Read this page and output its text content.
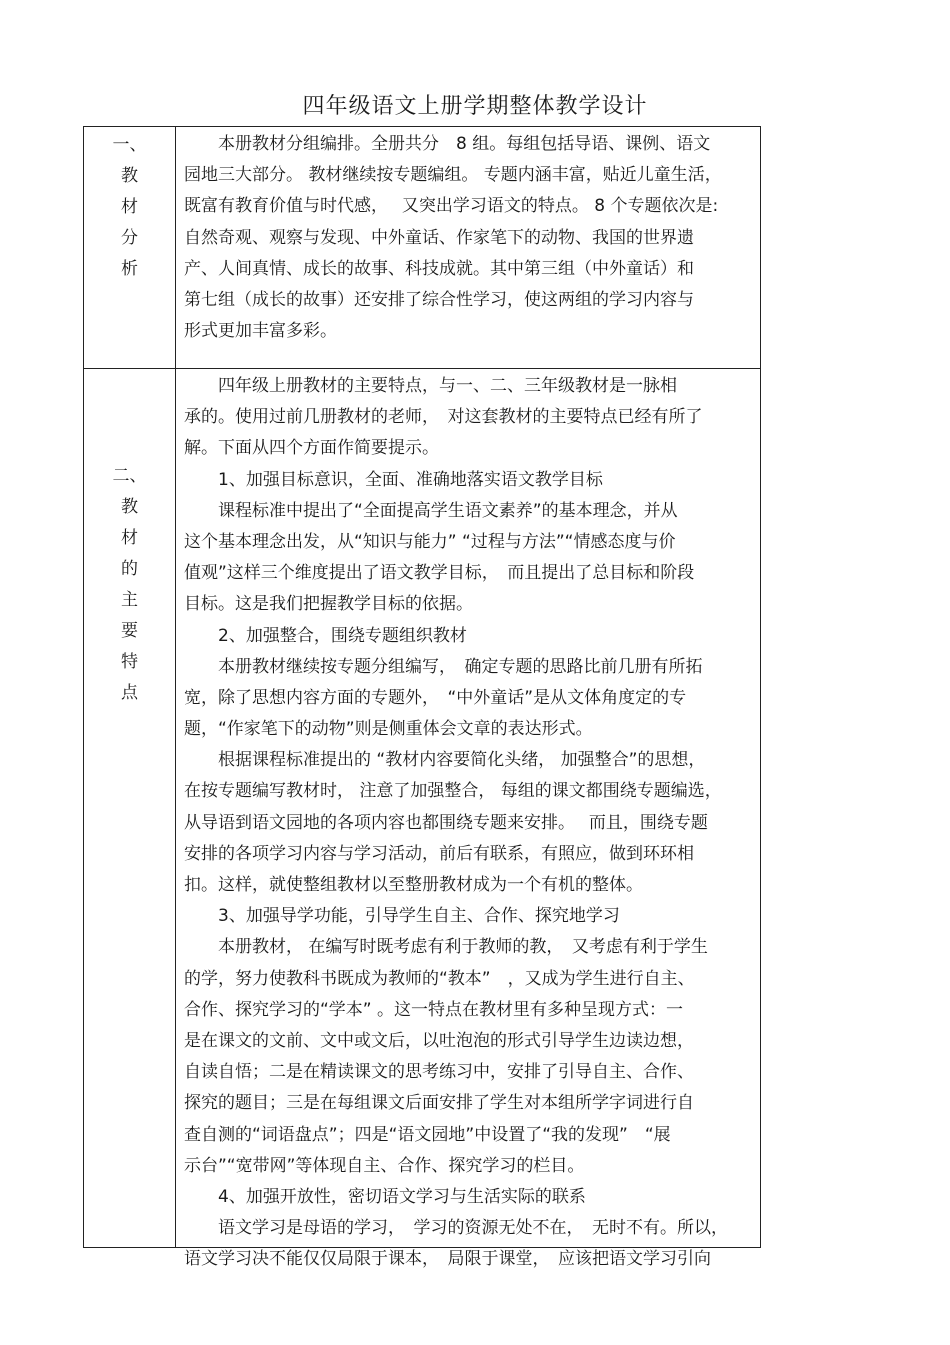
四年级语文上册学期整体教学设计
一、
教
材
分
析
　　本册教材分组编排。全册共分　8 组。每组包括导语、课例、语文
园地三大部分。 教材继续按专题编组。 专题内涵丰富，贴近儿童生活，
既富有教育价值与时代感，　 又突出学习语文的特点。 8 个专题依次是:
自然奇观、观察与发现、中外童话、作家笔下的动物、我国的世界遗
产、人间真情、成长的故事、科技成就。其中第三组（中外童话）和
第七组（成长的故事）还安排了综合性学习，使这两组的学习内容与
形式更加丰富多彩。
二、
教
材
的
主
要
特
点
　　四年级上册教材的主要特点，与一、二、三年级教材是一脉相
承的。使用过前几册教材的老师，　对这套教材的主要特点已经有所了
解。下面从四个方面作简要提示。
　　1、加强目标意识，全面、准确地落实语文教学目标
　　课程标准中提出了“全面提高学生语文素养”的基本理念，并从
这个基本理念出发，从“知识与能力” “过程与方法”“情感态度与价
值观”这样三个维度提出了语文教学目标，　而且提出了总目标和阶段
目标。这是我们把握教学目标的依据。
　　2、加强整合，围绕专题组织教材
　　本册教材继续按专题分组编写，　确定专题的思路比前几册有所拓
宽，除了思想内容方面的专题外，　“中外童话”是从文体角度定的专
题，“作家笔下的动物”则是侧重体会文章的表达形式。
　　根据课程标准提出的 “教材内容要简化头绪， 加强整合”的思想，
在按专题编写教材时， 注意了加强整合， 每组的课文都围绕专题编选，
从导语到语文园地的各项内容也都围绕专题来安排。　 而且，围绕专题
安排的各项学习内容与学习活动，前后有联系，有照应，做到环环相
扣。这样，就使整组教材以至整册教材成为一个有机的整体。
　　3、加强导学功能，引导学生自主、合作、探究地学习
　　本册教材， 在编写时既考虑有利于教师的教，　又考虑有利于学生
的学，努力使教科书既成为教师的“教本”　，又成为学生进行自主、
合作、探究学习的“学本” 。这一特点在教材里有多种呈现方式：一
是在课文的文前、文中或文后，以吐泡泡的形式引导学生边读边想，
自读自悟；二是在精读课文的思考练习中，安排了引导自主、合作、
探究的题目；三是在每组课文后面安排了学生对本组所学字词进行自
查自测的“词语盘点”；四是“语文园地”中设置了“我的发现”　“展
示台”“宽带网”等体现自主、合作、探究学习的栏目。
　　4、加强开放性，密切语文学习与生活实际的联系
　　语文学习是母语的学习，　学习的资源无处不在，　无时不有。所以，
语文学习决不能仅仅局限于课本，　局限于课堂，　应该把语文学习引向
